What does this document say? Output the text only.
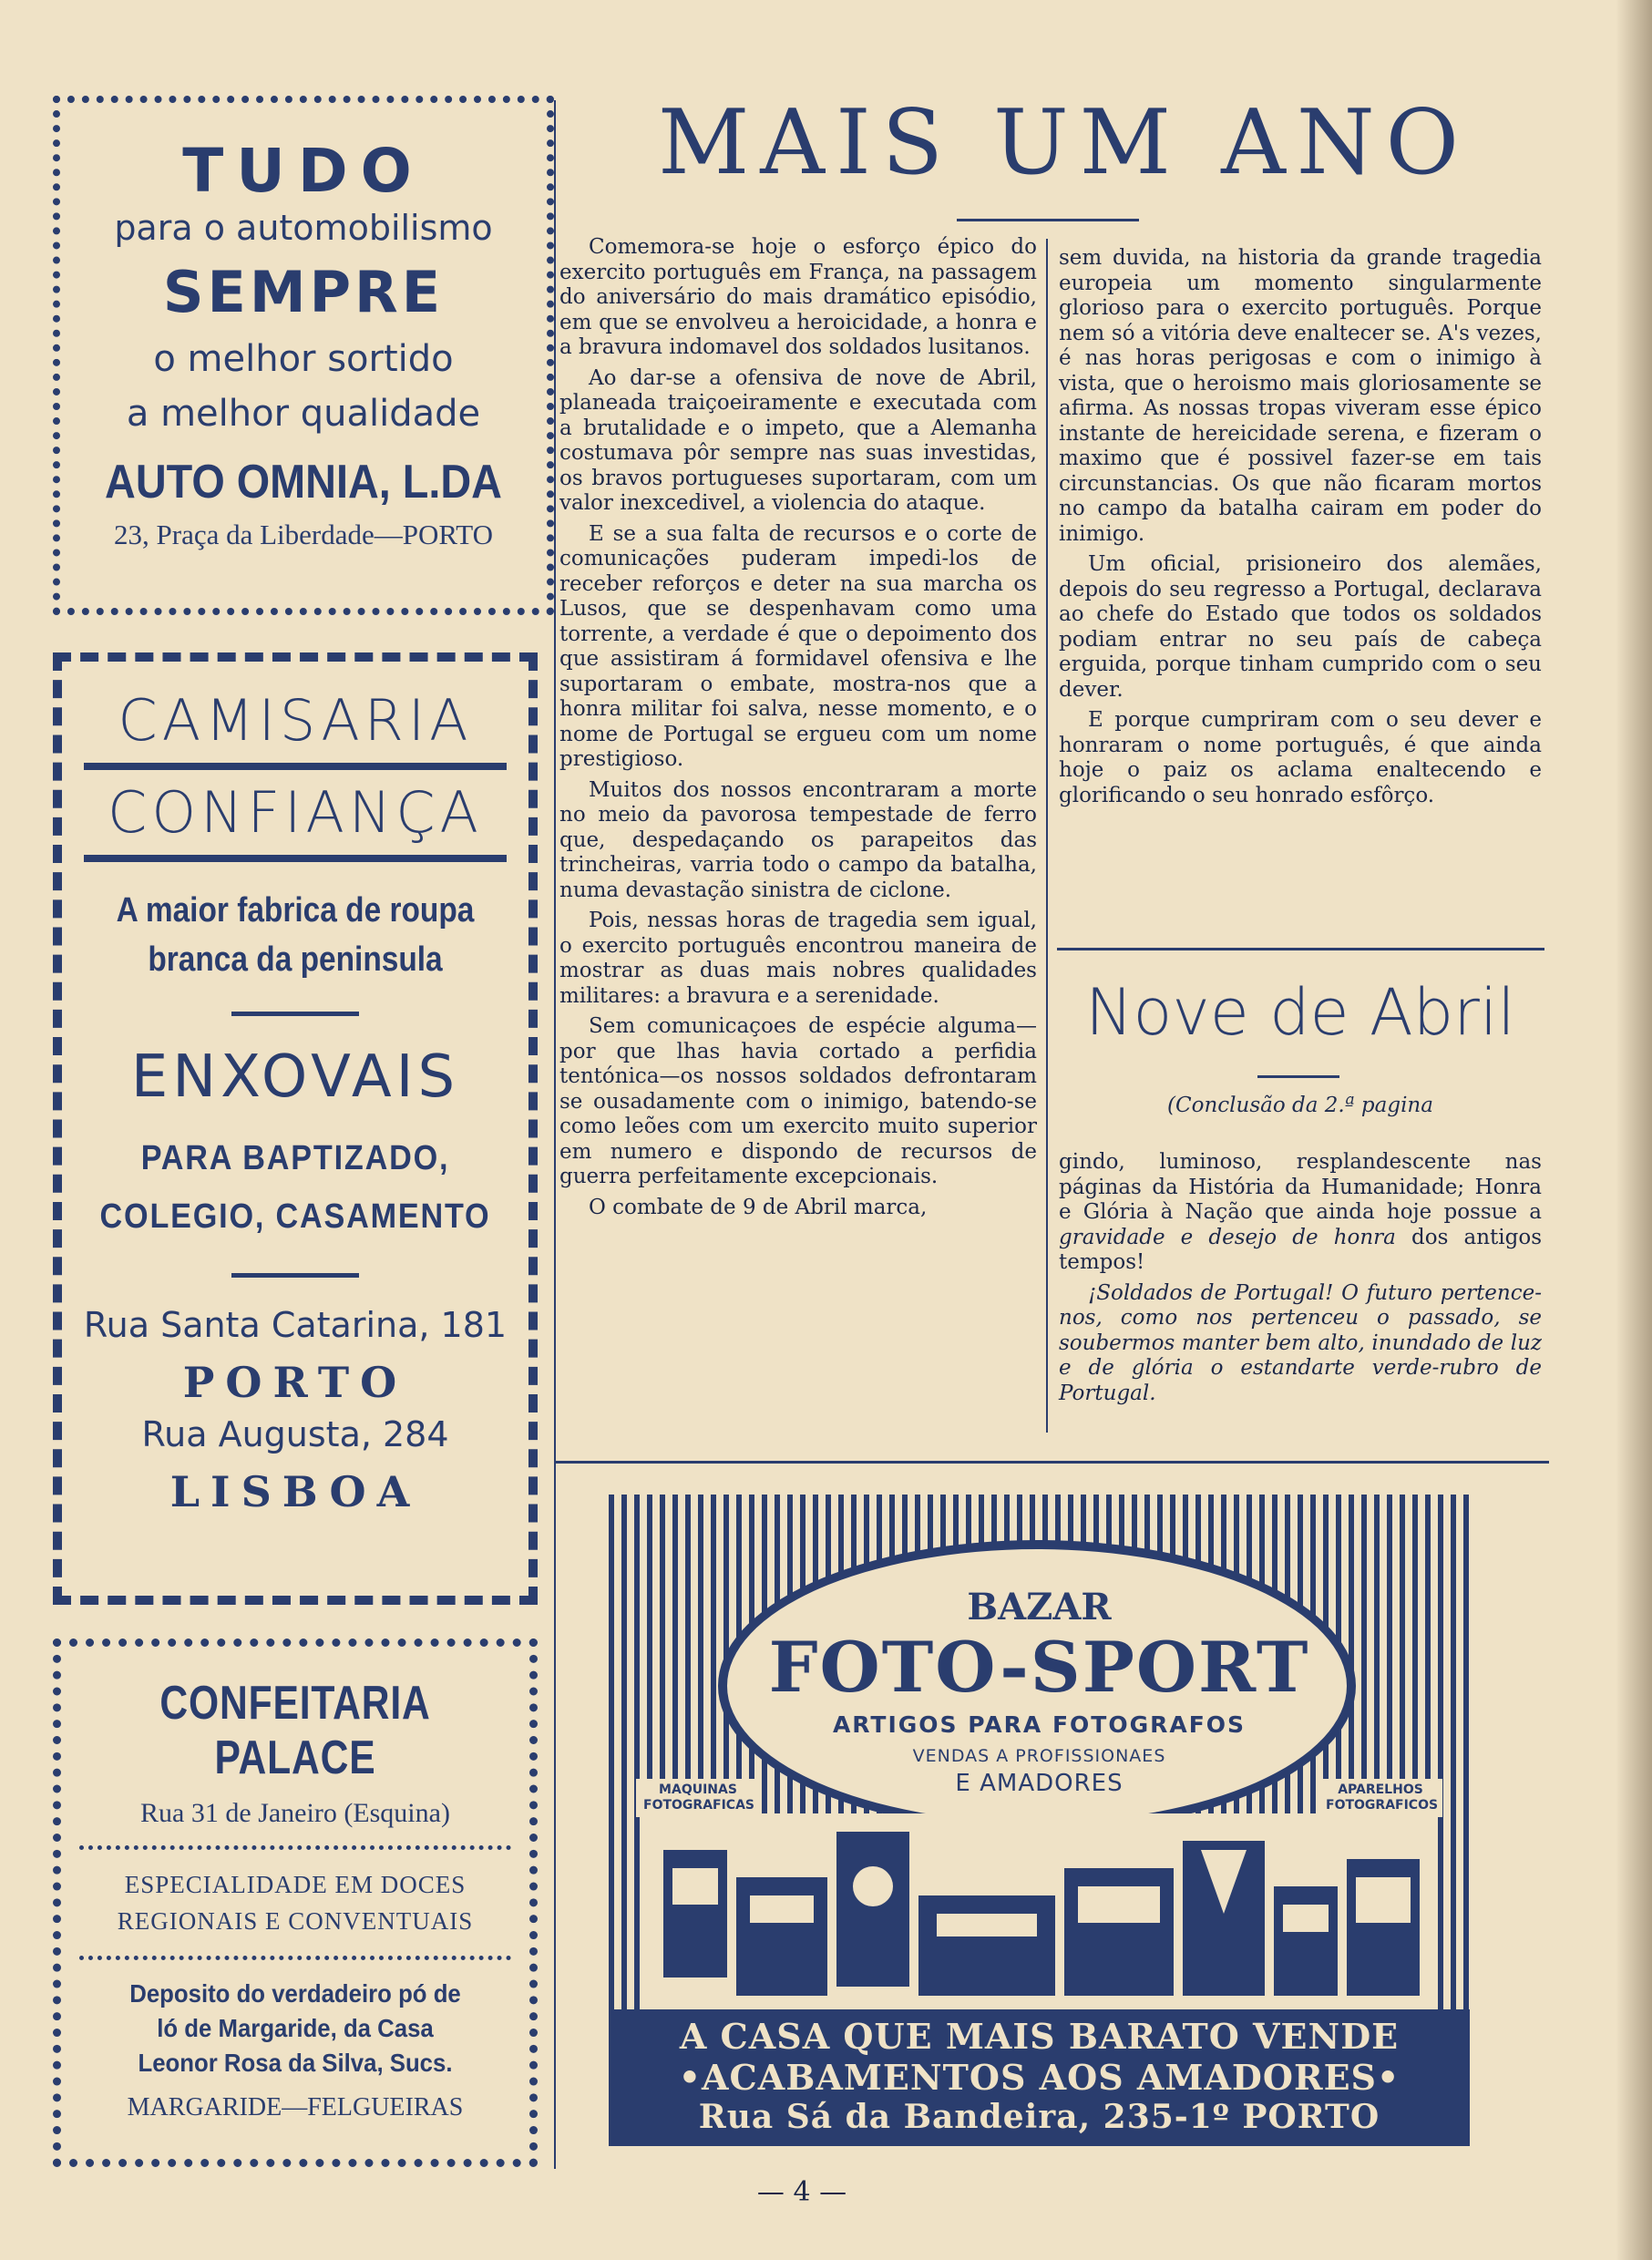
TUDO
para o automobilismo
SEMPRE
o melhor sortido
a melhor qualidade
AUTO OMNIA, L.DA
23, Praça da Liberdade—PORTO
CAMISARIA
CONFIANÇA
A maior fabrica de roupa
branca da peninsula
ENXOVAIS
PARA BAPTIZADO,
COLEGIO, CASAMENTO
Rua Santa Catarina, 181
PORTO
Rua Augusta, 284
LISBOA
CONFEITARIA PALACE
Rua 31 de Janeiro (Esquina)
ESPECIALIDADE EM DOCES
REGIONAIS E CONVENTUAIS
Deposito do verdadeiro pó de
ló de Margaride, da Casa
Leonor Rosa da Silva, Sucs.
MARGARIDE—FELGUEIRAS
MAIS UM ANO

Comemora-se hoje o esforço épico do exercito português em França, na passagem do aniversário do mais dramático episódio, em que se envolveu a heroicidade, a honra e a bravura indomavel dos soldados lusitanos.

Ao dar-se a ofensiva de nove de Abril, planeada traiçoeiramente e executada com a brutalidade e o impeto, que a Alemanha costumava pôr sempre nas suas investidas, os bravos portugueses suportaram, com um valor inexcedivel, a violencia do ataque.

E se a sua falta de recursos e o corte de comunicações puderam impedi-los de receber reforços e deter na sua marcha os Lusos, que se despenhavam como uma torrente, a verdade é que o depoimento dos que assistiram á formidavel ofensiva e lhe suportaram o embate, mostra-nos que a honra militar foi salva, nesse momento, e o nome de Portugal se ergueu com um nome prestigioso.

Muitos dos nossos encontraram a morte no meio da pavorosa tempestade de ferro que, despedaçando os parapeitos das trincheiras, varria todo o campo da batalha, numa devastação sinistra de ciclone.

Pois, nessas horas de tragedia sem igual, o exercito português encontrou maneira de mostrar as duas mais nobres qualidades militares: a bravura e a serenidade.

Sem comunicaçoes de espécie alguma—por que lhas havia cortado a perfidia tentónica—os nossos soldados defrontaram se ousadamente com o inimigo, batendo-se como leões com um exercito muito superior em numero e dispondo de recursos de guerra perfeitamente excepcionais.

O combate de 9 de Abril marca,

sem duvida, na historia da grande tragedia europeia um momento singularmente glorioso para o exercito português. Porque nem só a vitória deve enaltecer se. A's vezes, é nas horas perigosas e com o inimigo à vista, que o heroismo mais gloriosamente se afirma. As nossas tropas viveram esse épico instante de hereicidade serena, e fizeram o maximo que é possivel fazer-se em tais circunstancias. Os que não ficaram mortos no campo da batalha cairam em poder do inimigo.

Um oficial, prisioneiro dos alemães, depois do seu regresso a Portugal, declarava ao chefe do Estado que todos os soldados podiam entrar no seu país de cabeça erguida, porque tinham cumprido com o seu dever.

E porque cumpriram com o seu dever e honraram o nome português, é que ainda hoje o paiz os aclama enaltecendo e glorificando o seu honrado esfôrço.

Nove de Abril
(Conclusão da 2.ª pagina

gindo, luminoso, resplandescente nas páginas da História da Humanidade; Honra e Glória à Nação que ainda hoje possue a gravidade e desejo de honra dos antigos tempos!

¡Soldados de Portugal! O futuro pertence-nos, como nos pertenceu o passado, se soubermos manter bem alto, inundado de luz e de glória o estandarte verde-rubro de Portugal.

BAZAR
FOTO-SPORT
ARTIGOS PARA FOTOGRAFOS
VENDAS A PROFISSIONAES
E AMADORES
MAQUINAS FOTOGRAFICAS
APARELHOS FOTOGRAFICOS
A CASA QUE MAIS BARATO VENDE
•ACABAMENTOS AOS AMADORES•
Rua Sá da Bandeira, 235-1º PORTO
— 4 —
